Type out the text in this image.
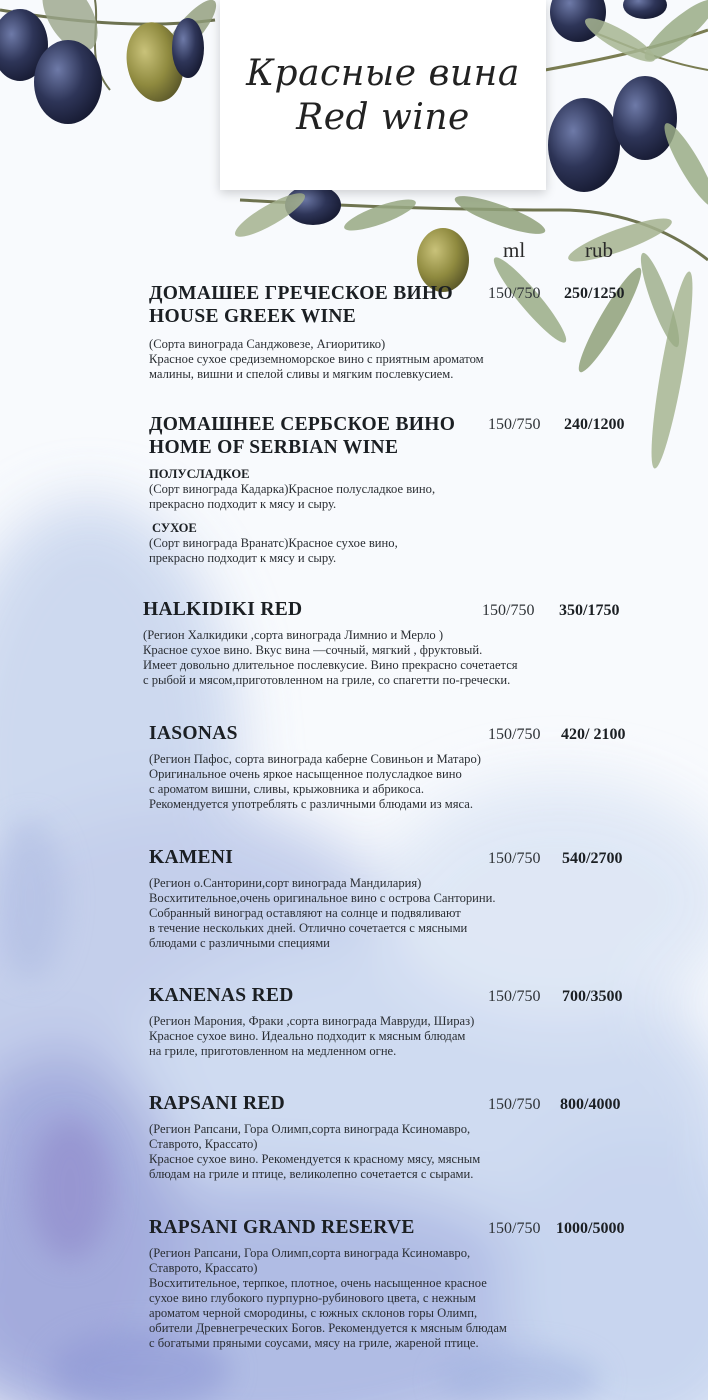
Красные вина
Red wine
ml	rub
ДОМАШЕЕ ГРЕЧЕСКОЕ ВИНО
HOUSE GREEK WINE
(Сорта винограда Санджовезе, Агиоритико)
Красное сухое средиземноморское вино с приятным ароматом
малины, вишни и спелой сливы и мягким послевкусием.
150/750 250/1250
ДОМАШНЕЕ СЕРБСКОЕ ВИНО
HOME OF SERBIAN WINE
ПОЛУСЛАДКОЕ
(Сорт винограда Кадарка)Красное полусладкое вино,
прекрасно подходит к мясу и сыру.
СУХОЕ
(Сорт винограда Вранатс)Красное сухое вино,
прекрасно подходит к мясу и сыру.
150/750 240/1200
HALKIDIKI RED
(Регион Халкидики ,сорта винограда Лимнио и Мерло )
Красное сухое вино. Вкус вина —сочный, мягкий , фруктовый.
Имеет довольно длительное послевкусие. Вино прекрасно сочетается
с рыбой и мясом,приготовленном на гриле, со спагетти по-гречески.
150/750 350/1750
IASONAS
(Регион Пафос, сорта винограда каберне Совиньон и Матаро)
Оригинальное очень яркое насыщенное полусладкое вино
с ароматом вишни, сливы, крыжовника и абрикоса.
Рекомендуется употреблять с различными блюдами из мяса.
150/750 420/ 2100
KAMENI
(Регион о.Санторини,сорт винограда Мандилария)
Восхитительное,очень оригинальное вино с острова Санторини.
Собранный виноград оставляют на солнце и подвяливают
в течение нескольких дней. Отлично сочетается с мясными
блюдами с различными специями
150/750 540/2700
KANENAS RED
(Регион Марония, Фраки ,сорта винограда Мавруди, Шираз)
Красное сухое вино. Идеально подходит к мясным блюдам
на гриле, приготовленном на медленном огне.
150/750 700/3500
RAPSANI RED
(Регион Рапсани, Гора Олимп,сорта винограда Ксиномавро,
Ставрото, Крассато)
Красное сухое вино. Рекомендуется к красному мясу, мясным
блюдам на гриле и птице, великолепно сочетается с сырами.
150/750 800/4000
RAPSANI GRAND RESERVE
(Регион Рапсани, Гора Олимп,сорта винограда Ксиномавро,
Ставрото, Крассато)
Восхитительное, терпкое, плотное, очень насыщенное красное
сухое вино глубокого пурпурно-рубинового цвета, с нежным
ароматом черной смородины, с южных склонов горы Олимп,
обители Древнегреческих Богов. Рекомендуется к мясным блюдам
с богатыми пряными соусами, мясу на гриле, жареной птице.
150/750 1000/5000
